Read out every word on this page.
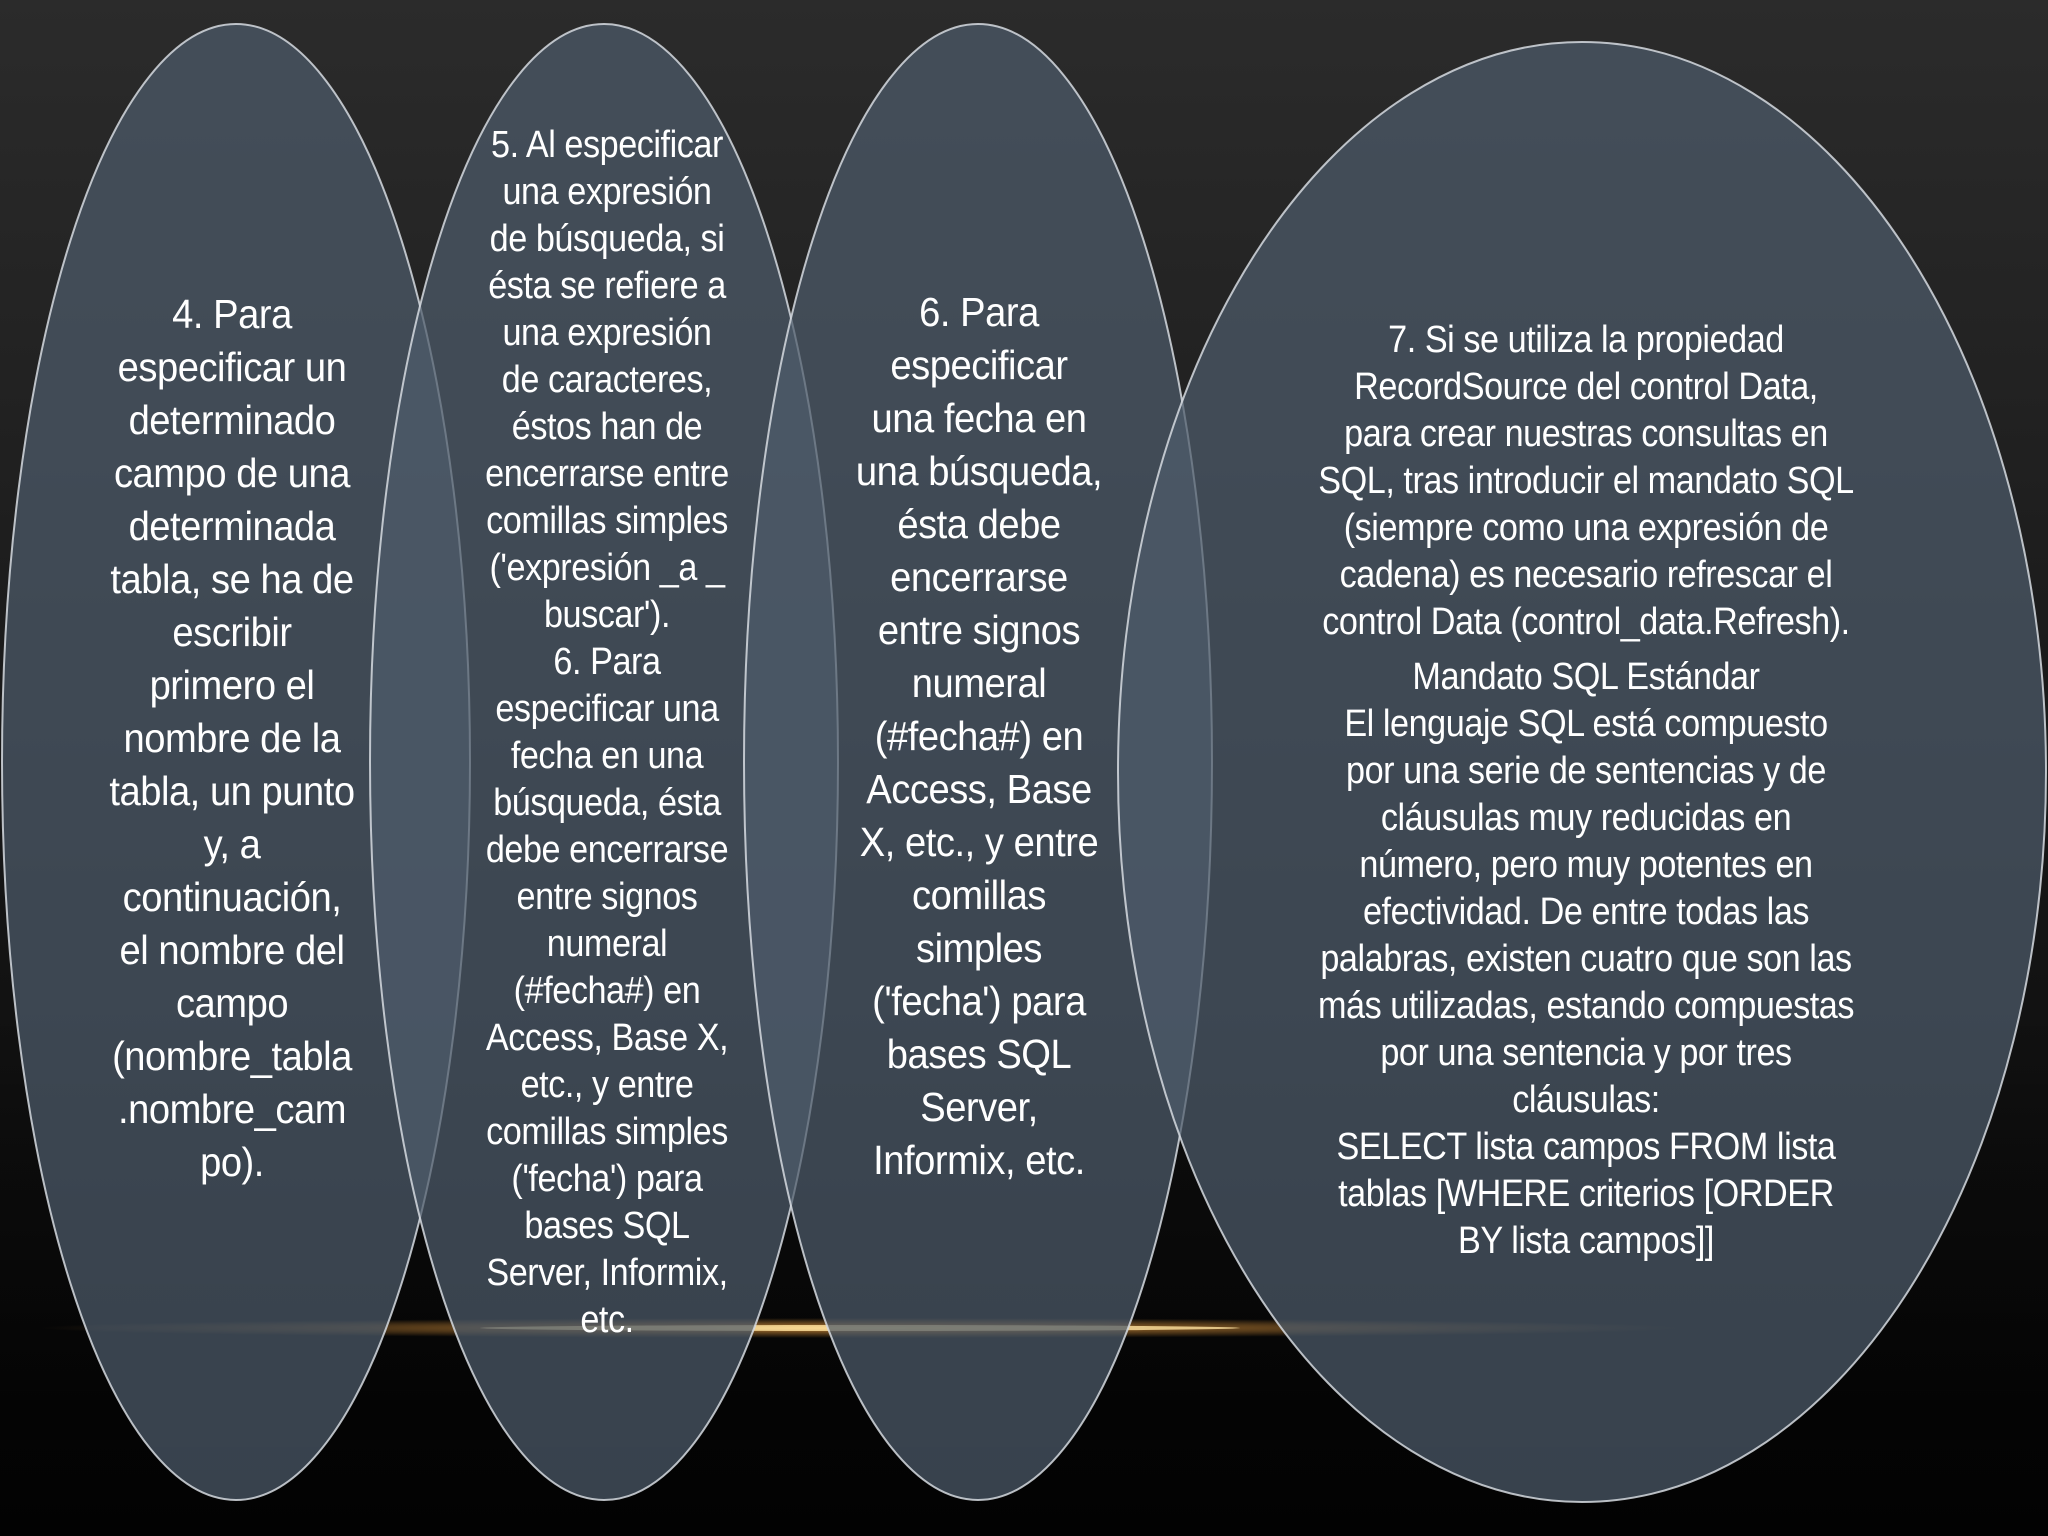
4. Para
especificar un
determinado
campo de una
determinada
tabla, se ha de
escribir
primero el
nombre de la
tabla, un punto
y, a
continuación,
el nombre del
campo
(nombre_tabla
.nombre_cam
po).
5. Al especificar
una expresión
de búsqueda, si
ésta se refiere a
una expresión
de caracteres,
éstos han de
encerrarse entre
comillas simples
('expresión _a _
buscar').
6. Para
especificar una
fecha en una
búsqueda, ésta
debe encerrarse
entre signos
numeral
(#fecha#) en
Access, Base X,
etc., y entre
comillas simples
('fecha') para
bases SQL
Server, Informix,
etc.
6. Para
especificar
una fecha en
una búsqueda,
ésta debe
encerrarse
entre signos
numeral
(#fecha#) en
Access, Base
X, etc., y entre
comillas
simples
('fecha') para
bases SQL
Server,
Informix, etc.

7. Si se utiliza la propiedad
RecordSource del control Data,
para crear nuestras consultas en
SQL, tras introducir el mandato SQL
(siempre como una expresión de
cadena) es necesario refrescar el
control Data (control_data.Refresh).

Mandato SQL Estándar
El lenguaje SQL está compuesto
por una serie de sentencias y de
cláusulas muy reducidas en
número, pero muy potentes en
efectividad. De entre todas las
palabras, existen cuatro que son las
más utilizadas, estando compuestas
por una sentencia y por tres
cláusulas:
SELECT lista campos FROM lista
tablas [WHERE criterios [ORDER
BY lista campos]]
